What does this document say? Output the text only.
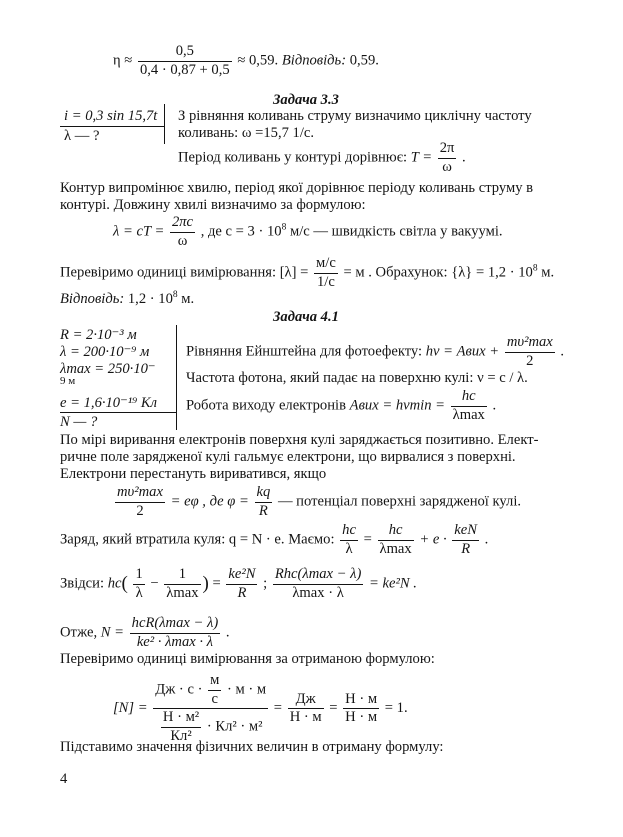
$\eta \approx \frac{0,5}{0,4 \cdot 0,87 + 0,5} \approx 0,59$. Відповідь: 0,59.
Задача 3.3
i = 0,3 sin 15,7t
λ — ?
З рівняння коливань струму визначимо циклічну частоту
коливань: ω =15,7 1/c.
Період коливань у контурі дорівнює: $T = \frac{2\pi}{\omega}$ .
Контур випромінює хвилю, період якої дорівнює періоду коливань струму в
контурі. Довжину хвилі визначимо за формулою:
λ = cT = $\frac{2\pi c}{\omega}$ , де $c = 3 \cdot 10^8$ м/с — швидкість світла у вакуумі.
Перевіримо одиниці вимірювання: $[\lambda] = \frac{м/с}{1/с} = м$ . Обрахунок: $\{\lambda\} = 1,2 \cdot 10^8$ м.
Відповідь: $1,2 \cdot 10^8$ м.
Задача 4.1
R = 2·10⁻³ м
λ = 200·10⁻⁹ м
λmax = 250·10⁻
9 м
e = 1,6·10⁻¹⁹ Кл
N — ?
Рівняння Ейнштейна для фотоефекту: hν = Aвих + $\frac{\text{mυ²max}}{2}$ .
Частота фотона, який падає на поверхню кулі: ν = c / λ.
Робота виходу електронів Aвих = $h\nu\min = \frac{hc}{\lambda\max}$ .
По мірі виривання електронів поверхня кулі заряджається позитивно. Елект-
ричне поле зарядженої кулі гальмує електрони, що вирвалися з поверхні.
Електрони перестануть вириватився, якщо
$\frac{\text{mυ²max}}{2} = e\varphi$ , де $\varphi = \frac{kq}{R}$ — потенціал поверхні зарядженої кулі.
Заряд, який втратила куля: q = N · e. Маємо: $\frac{hc}{\lambda} = \frac{hc}{\lambda\max} + e \cdot \frac{\text{keN}}{R}$ .
Звідси: $hc( \frac{1}{\lambda} - \frac{1}{\lambda\max}$ ) = $\frac{\text{ke²N}}{R}$ ; $\frac{\text{Rhc(λmax − λ)}}{\lambda\max \cdot \lambda} = ke^2N$ .
Отже, $N = \frac{\text{hcR(λmax − λ)}}{\text{ke² · λmax · λ}}$ .
Перевіримо одиниці вимірювання за отриманою формулою:
$[N] = \frac{Дж \cdot с \cdot \frac{м}{с} \cdot м \cdot м}{\frac{\text{Н · м²}}{\text{Кл²}} \cdot Кл^2 \cdot м^2} = \frac{Дж}{Н \cdot м} = \frac{Н \cdot м}{Н \cdot м} = 1$.
Підставимо значення фізичних величин в отриману формулу:
4
